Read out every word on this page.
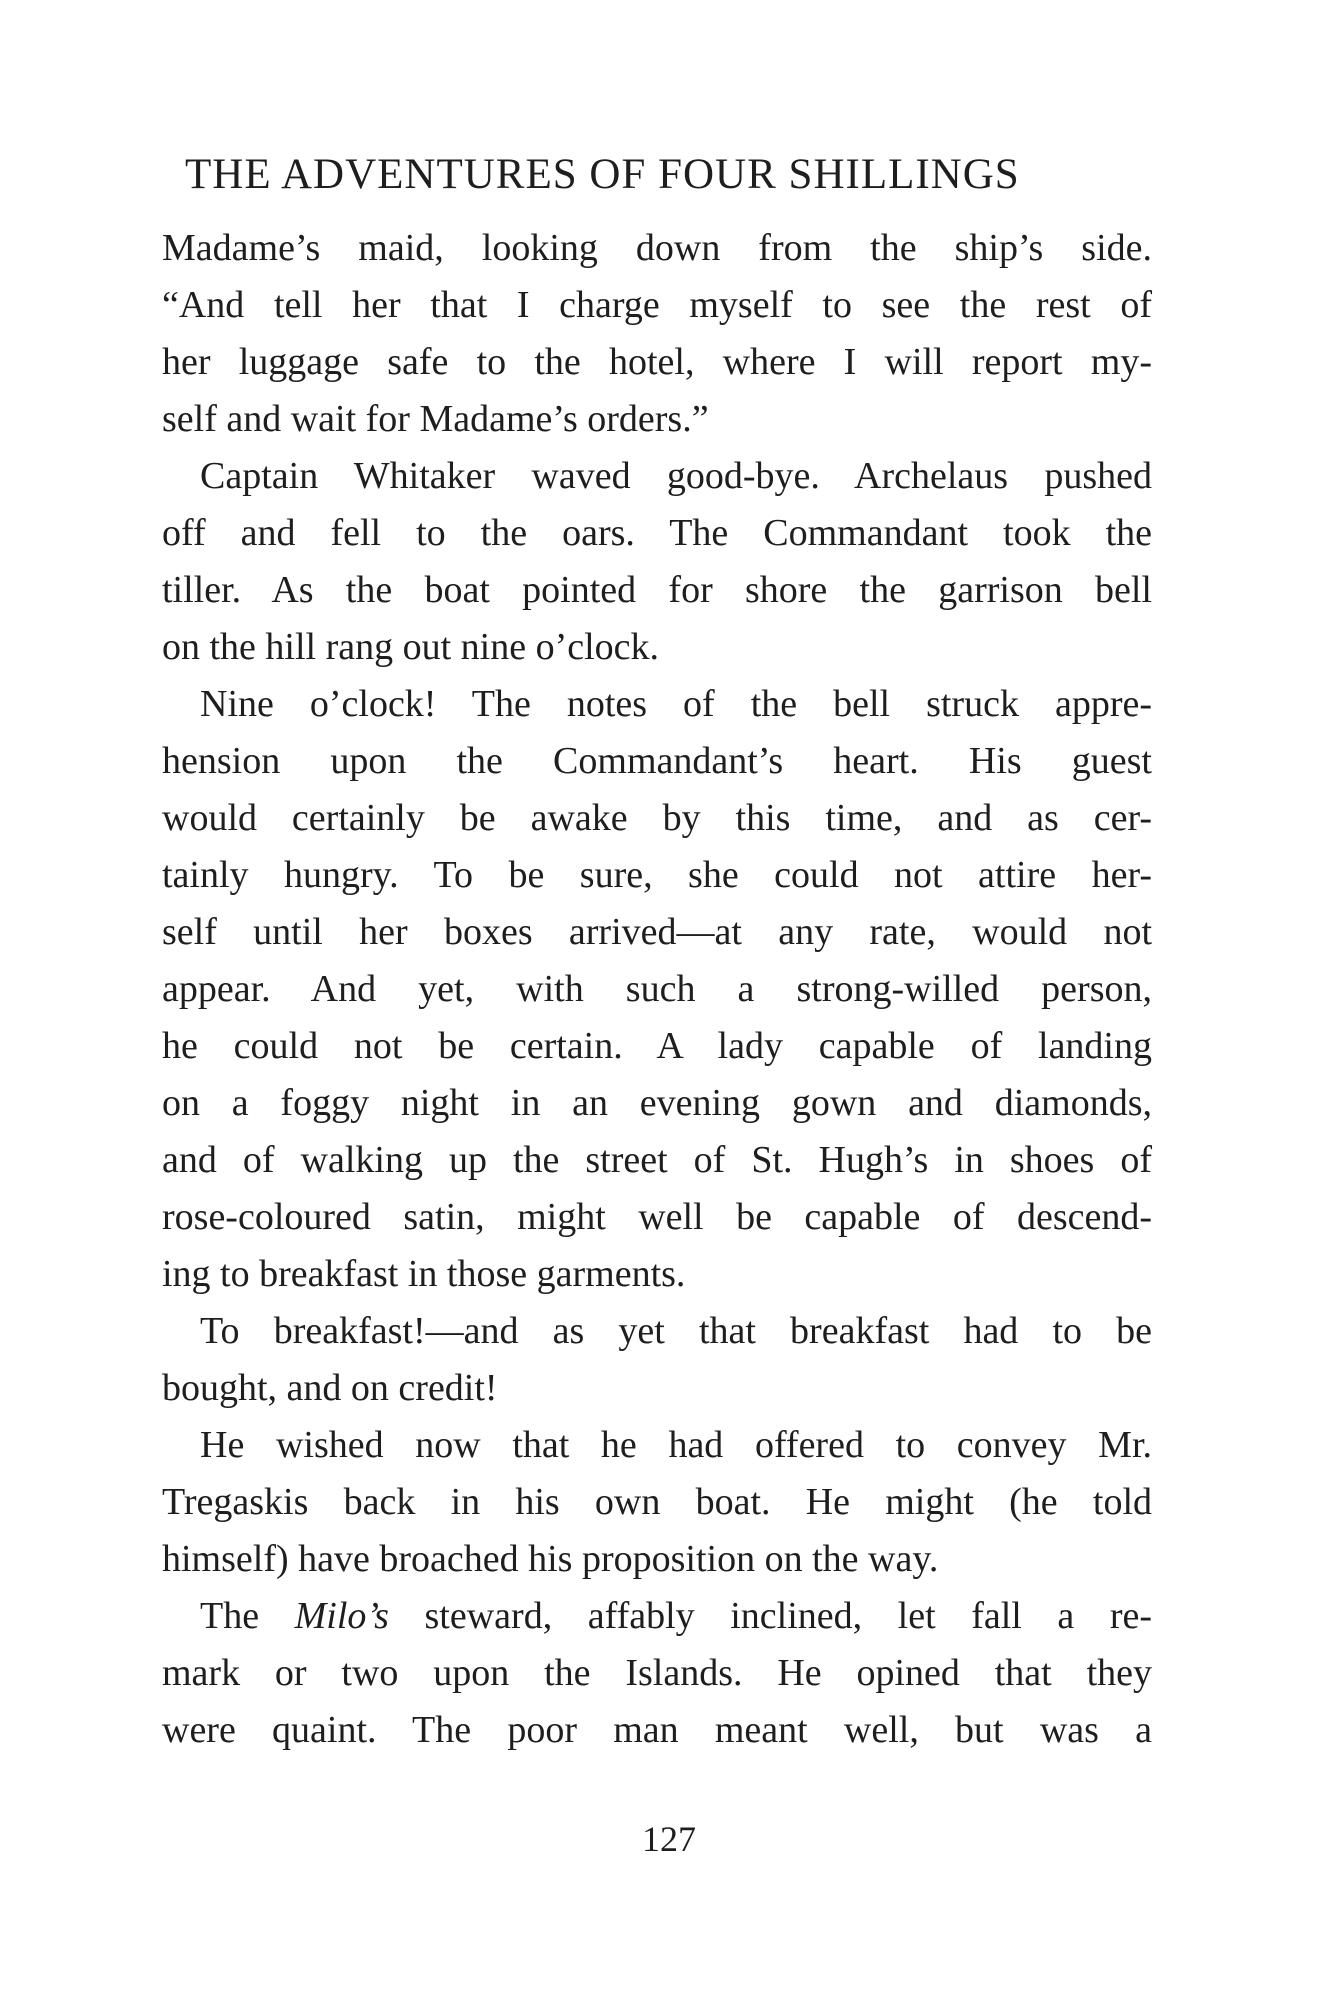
THE ADVENTURES OF FOUR SHILLINGS
Madame’s maid, looking down from the ship’s side.
“And tell her that I charge myself to see the rest of
her luggage safe to the hotel, where I will report my-
self and wait for Madame’s orders.”
Captain Whitaker waved good-bye. Archelaus pushed
off and fell to the oars. The Commandant took the
tiller. As the boat pointed for shore the garrison bell
on the hill rang out nine o’clock.
Nine o’clock! The notes of the bell struck appre-
hension upon the Commandant’s heart. His guest
would certainly be awake by this time, and as cer-
tainly hungry. To be sure, she could not attire her-
self until her boxes arrived—at any rate, would not
appear. And yet, with such a strong-willed person,
he could not be certain. A lady capable of landing
on a foggy night in an evening gown and diamonds,
and of walking up the street of St. Hugh’s in shoes of
rose-coloured satin, might well be capable of descend-
ing to breakfast in those garments.
To breakfast!—and as yet that breakfast had to be
bought, and on credit!
He wished now that he had offered to convey Mr.
Tregaskis back in his own boat. He might (he told
himself) have broached his proposition on the way.
The Milo’s steward, affably inclined, let fall a re-
mark or two upon the Islands. He opined that they
were quaint. The poor man meant well, but was a
127
